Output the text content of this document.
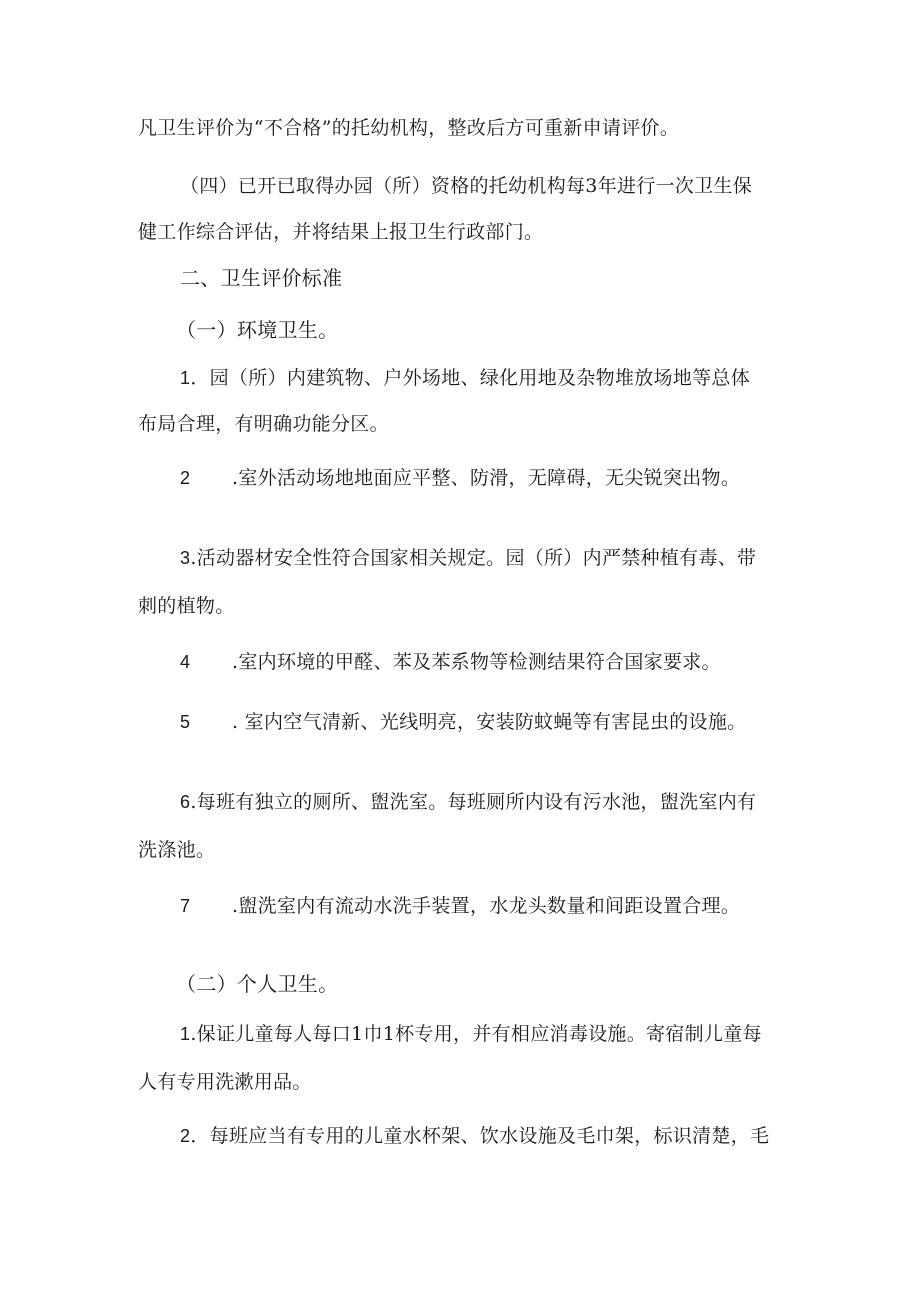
凡卫生评价为“不合格”的托幼机构，整改后方可重新申请评价。
（四）已开已取得办园（所）资格的托幼机构每3年进行一次卫生保
健工作综合评估，并将结果上报卫生行政部门。
二、卫生评价标准
（一）环境卫生。
1．园（所）内建筑物、户外场地、绿化用地及杂物堆放场地等总体
布局合理，有明确功能分区。
2 .室外活动场地地面应平整、防滑，无障碍，无尖锐突出物。
3.活动器材安全性符合国家相关规定。园（所）内严禁种植有毒、带
刺的植物。
4 .室内环境的甲醛、苯及苯系物等检测结果符合国家要求。
5 . 室内空气清新、光线明亮，安装防蚊蝇等有害昆虫的设施。
6.每班有独立的厕所、盥洗室。每班厕所内设有污水池，盥洗室内有
洗涤池。
7 .盥洗室内有流动水洗手装置，水龙头数量和间距设置合理。
（二）个人卫生。
1.保证儿童每人每口1巾1杯专用，并有相应消毒设施。寄宿制儿童每
人有专用洗漱用品。
2．每班应当有专用的儿童水杯架、饮水设施及毛巾架，标识清楚，毛
